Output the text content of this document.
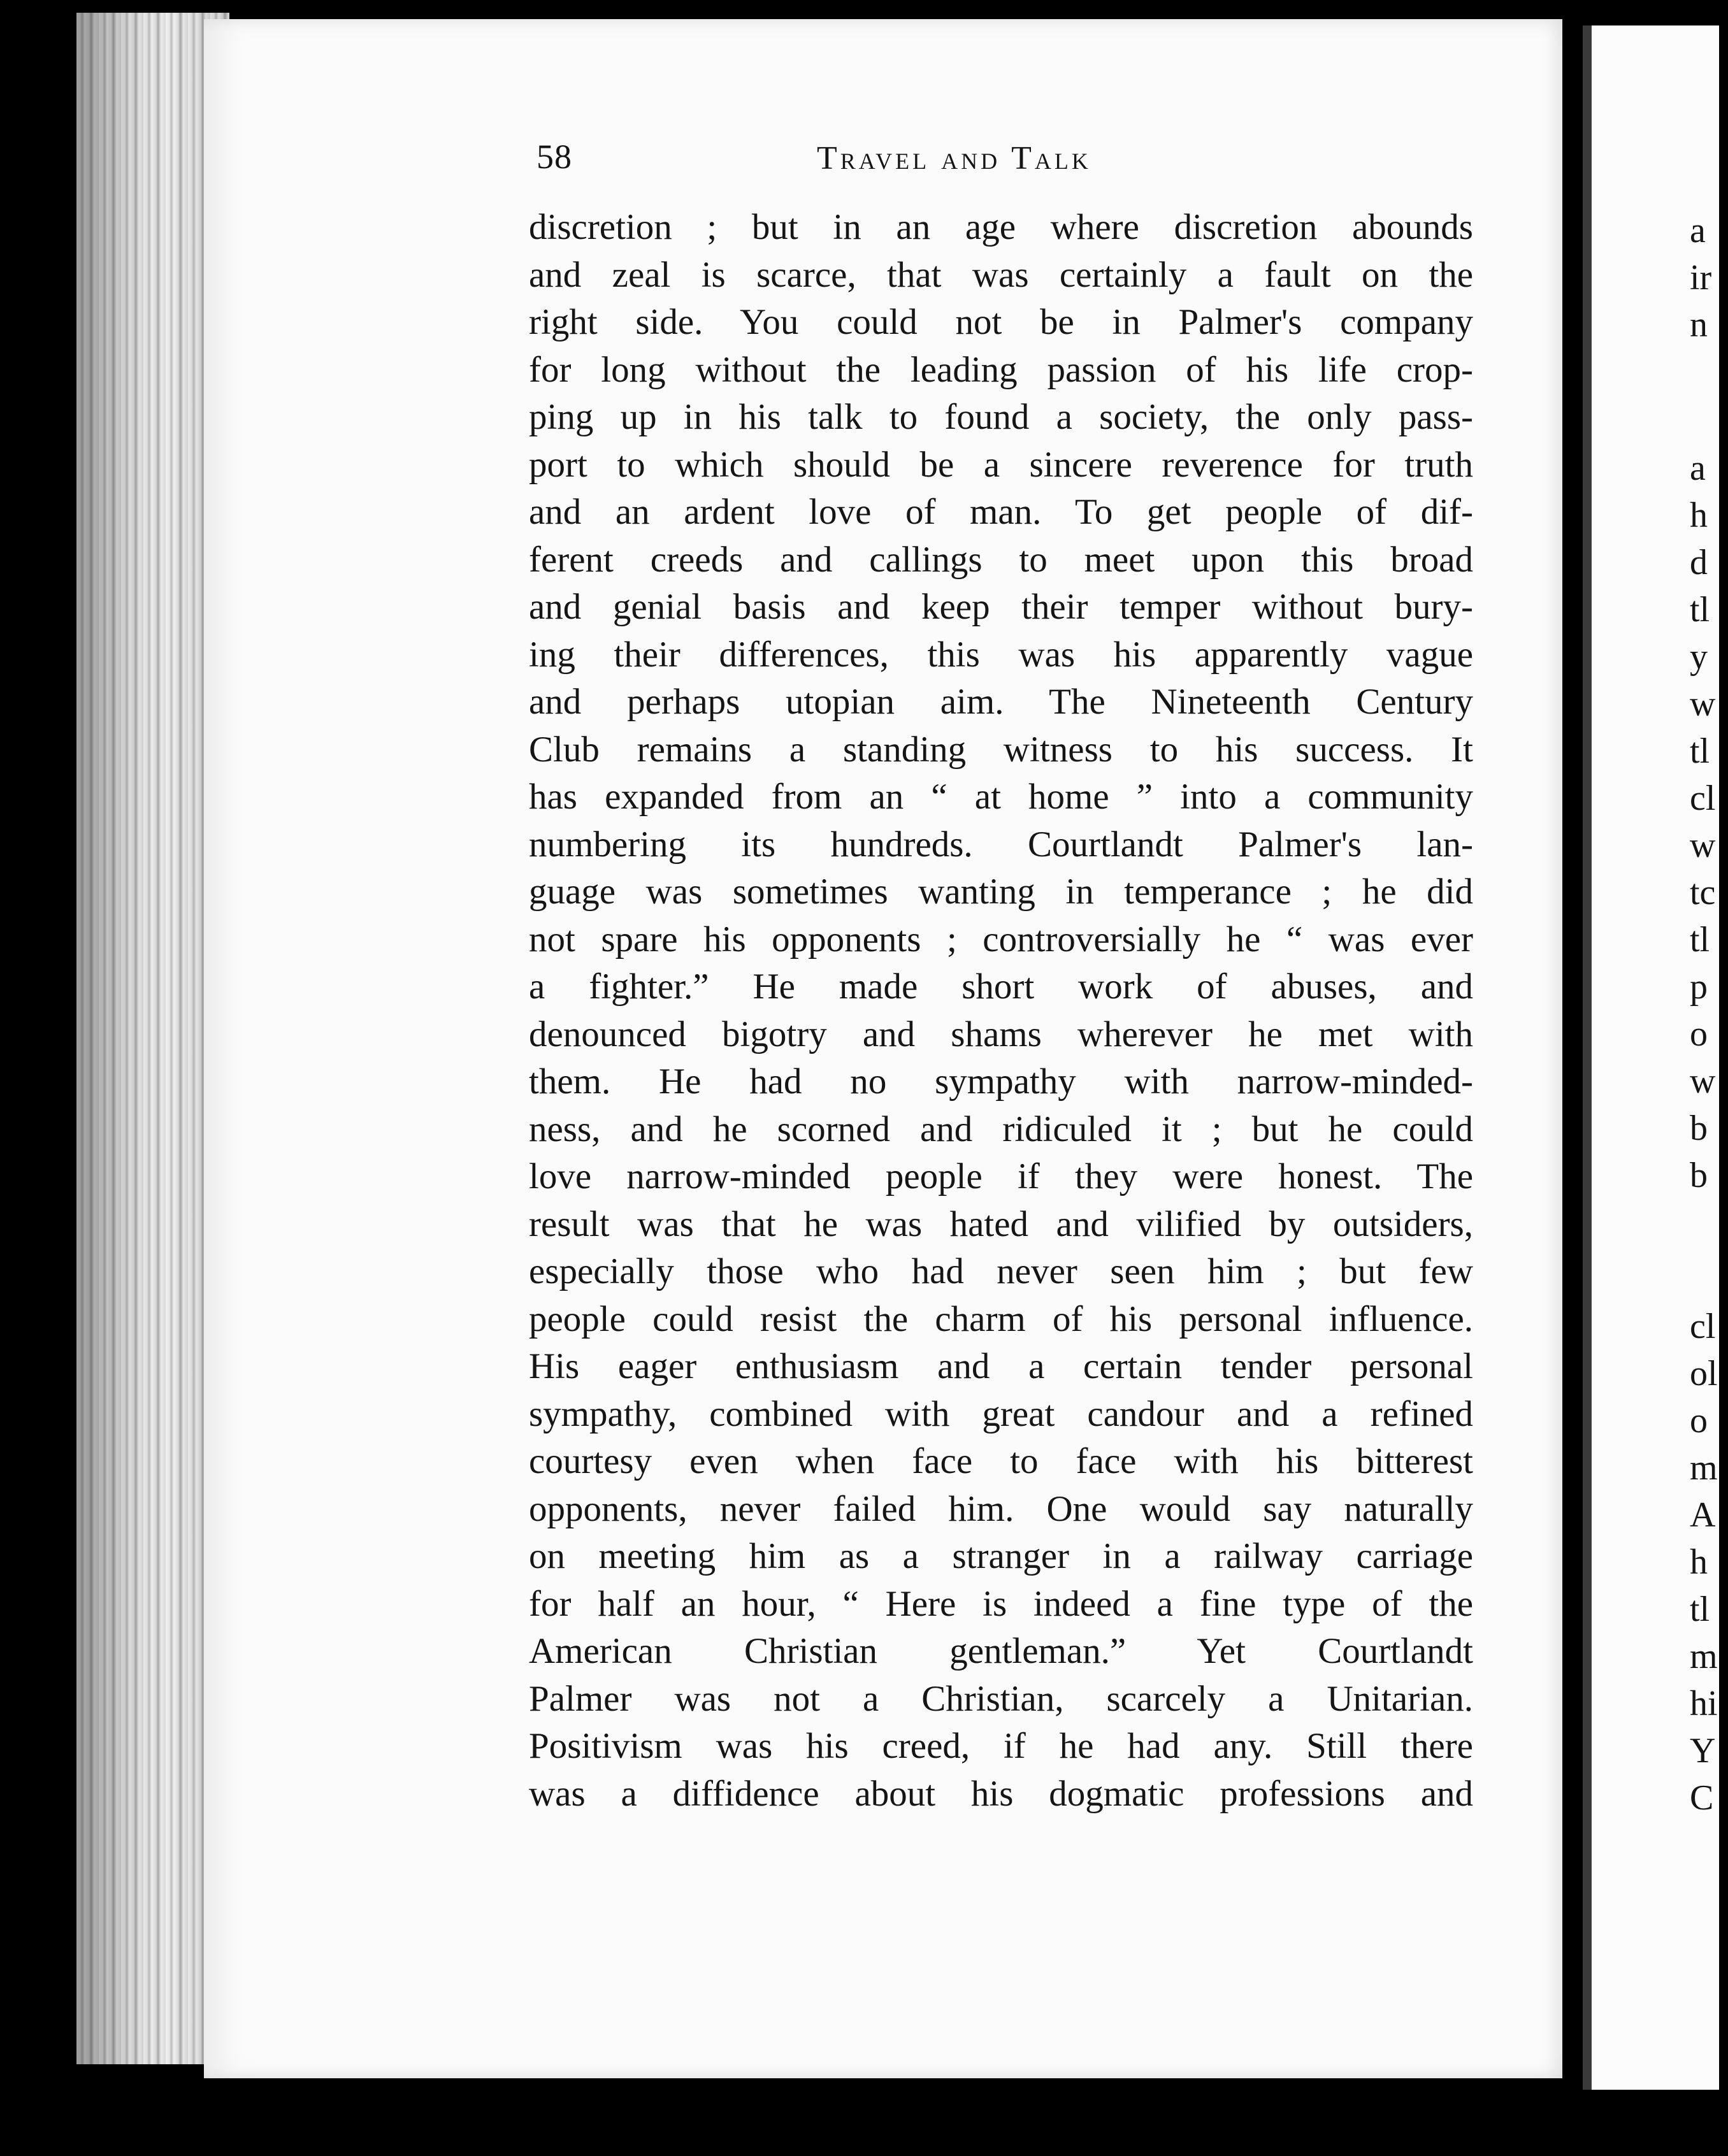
58	Travel and Talk
discretion ; but in an age where discretion abounds
and zeal is scarce, that was certainly a fault on the
right side. You could not be in Palmer's company
for long without the leading passion of his life crop-
ping up in his talk to found a society, the only pass-
port to which should be a sincere reverence for truth
and an ardent love of man. To get people of dif-
ferent creeds and callings to meet upon this broad
and genial basis and keep their temper without bury-
ing their differences, this was his apparently vague
and perhaps utopian aim. The Nineteenth Century
Club remains a standing witness to his success. It
has expanded from an “ at home ” into a community
numbering its hundreds. Courtlandt Palmer's lan-
guage was sometimes wanting in temperance ; he did
not spare his opponents ; controversially he “ was ever
a fighter.” He made short work of abuses, and
denounced bigotry and shams wherever he met with
them. He had no sympathy with narrow-minded-
ness, and he scorned and ridiculed it ; but he could
love narrow-minded people if they were honest. The
result was that he was hated and vilified by outsiders,
especially those who had never seen him ; but few
people could resist the charm of his personal influence.
His eager enthusiasm and a certain tender personal
sympathy, combined with great candour and a refined
courtesy even when face to face with his bitterest
opponents, never failed him. One would say naturally
on meeting him as a stranger in a railway carriage
for half an hour, “ Here is indeed a fine type of the
American Christian gentleman.” Yet Courtlandt
Palmer was not a Christian, scarcely a Unitarian.
Positivism was his creed, if he had any. Still there
was a diffidence about his dogmatic professions and
a
ir
n
a
h
d
tl
y
w
tl
cl
w
tc
tl
p
o
w
b
b
cl
ol
o
m
A
h
tl
m
hi
Y
C
